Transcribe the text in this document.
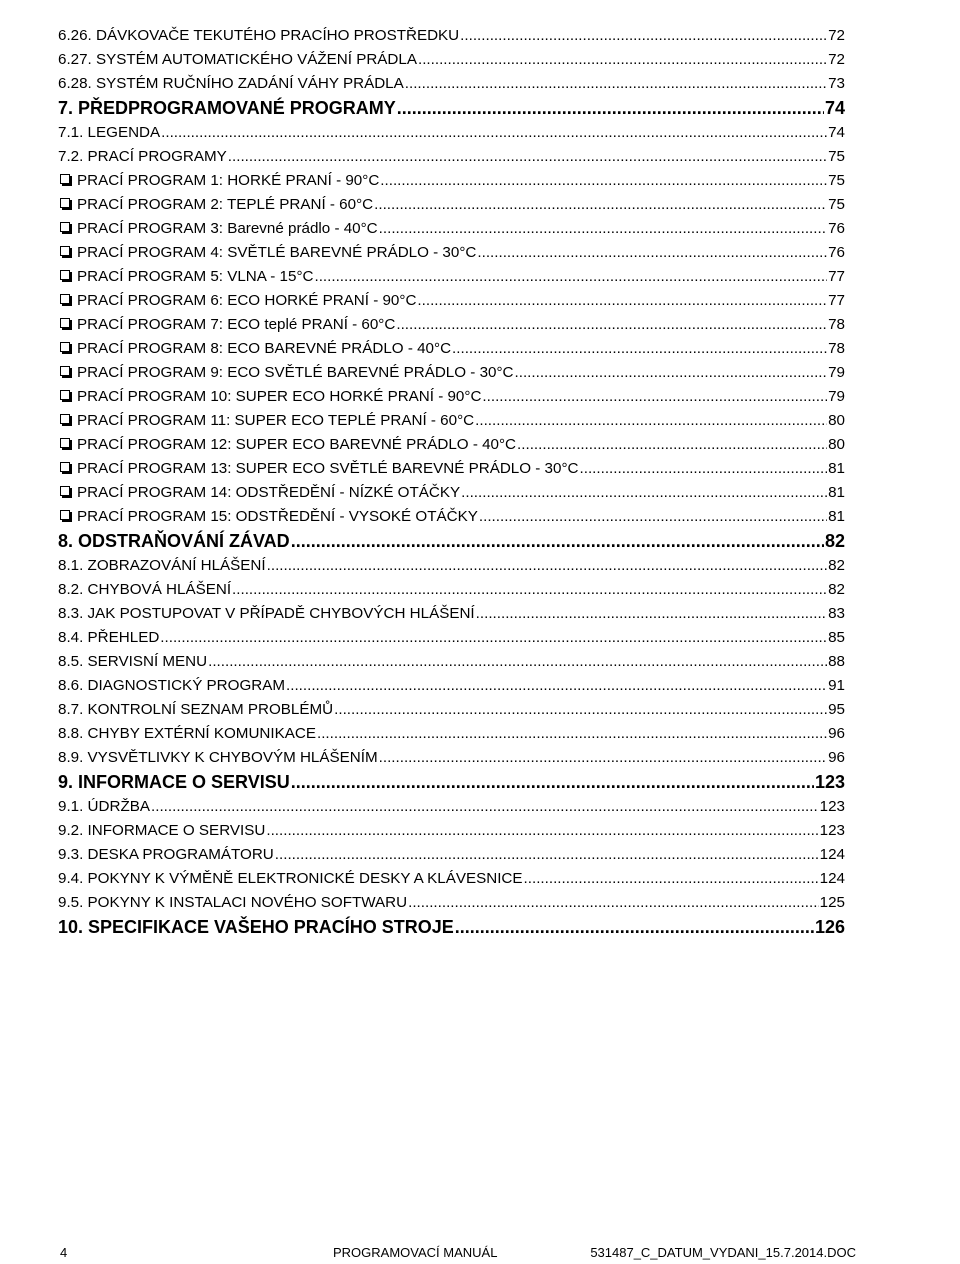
6.26. DÁVKOVAČE TEKUTÉHO PRACÍHO PROSTŘEDKU .....	72
6.27. SYSTÉM AUTOMATICKÉHO VÁŽENÍ PRÁDLA .....	72
6.28. SYSTÉM RUČNÍHO ZADÁNÍ VÁHY PRÁDLA .....	73
7. PŘEDPROGRAMOVANÉ PROGRAMY .....	74
7.1. LEGENDA .....	74
7.2. PRACÍ PROGRAMY .....	75
PRACÍ PROGRAM 1: HORKÉ PRANÍ - 90°C .....	75
PRACÍ PROGRAM 2: TEPLÉ PRANÍ - 60°C .....	75
PRACÍ PROGRAM 3: Barevné prádlo - 40°C .....	76
PRACÍ PROGRAM 4: SVĚTLÉ BAREVNÉ PRÁDLO - 30°C .....	76
PRACÍ PROGRAM 5: VLNA - 15°C .....	77
PRACÍ PROGRAM 6: ECO HORKÉ PRANÍ - 90°C .....	77
PRACÍ PROGRAM 7: ECO teplé PRANÍ - 60°C .....	78
PRACÍ PROGRAM 8: ECO BAREVNÉ PRÁDLO - 40°C .....	78
PRACÍ PROGRAM 9: ECO SVĚTLÉ BAREVNÉ PRÁDLO - 30°C .....	79
PRACÍ PROGRAM 10: SUPER ECO HORKÉ PRANÍ - 90°C .....	79
PRACÍ PROGRAM 11: SUPER ECO TEPLÉ PRANÍ - 60°C .....	80
PRACÍ PROGRAM 12: SUPER ECO BAREVNÉ PRÁDLO - 40°C .....	80
PRACÍ PROGRAM 13: SUPER ECO SVĚTLÉ BAREVNÉ PRÁDLO - 30°C .....	81
PRACÍ PROGRAM 14: ODSTŘEDĚNÍ - NÍZKÉ OTÁČKY .....	81
PRACÍ PROGRAM 15: ODSTŘEDĚNÍ - VYSOKÉ OTÁČKY .....	81
8. ODSTRAŇOVÁNÍ ZÁVAD .....	82
8.1. ZOBRAZOVÁNÍ HLÁŠENÍ .....	82
8.2. CHYBOVÁ HLÁŠENÍ .....	82
8.3. JAK POSTUPOVAT V PŘÍPADĚ CHYBOVÝCH HLÁŠENÍ .....	83
8.4. PŘEHLED .....	85
8.5. SERVISNÍ MENU .....	88
8.6. DIAGNOSTICKÝ PROGRAM .....	91
8.7. KONTROLNÍ SEZNAM PROBLÉMŮ .....	95
8.8. CHYBY EXTÉRNÍ KOMUNIKACE .....	96
8.9. VYSVĚTLIVKY K CHYBOVÝM HLÁŠENÍM .....	96
9. INFORMACE O SERVISU .....	123
9.1. ÚDRŽBA .....	123
9.2. INFORMACE O SERVISU .....	123
9.3. DESKA PROGRAMÁTORU .....	124
9.4. POKYNY K VÝMĚNĚ ELEKTRONICKÉ DESKY A KLÁVESNICE .....	124
9.5. POKYNY K INSTALACI NOVÉHO SOFTWARU .....	125
10. SPECIFIKACE VAŠEHO PRACÍHO STROJE .....	126
4	PROGRAMOVACÍ MANUÁL	531487_C_DATUM_VYDANI_15.7.2014.DOC
